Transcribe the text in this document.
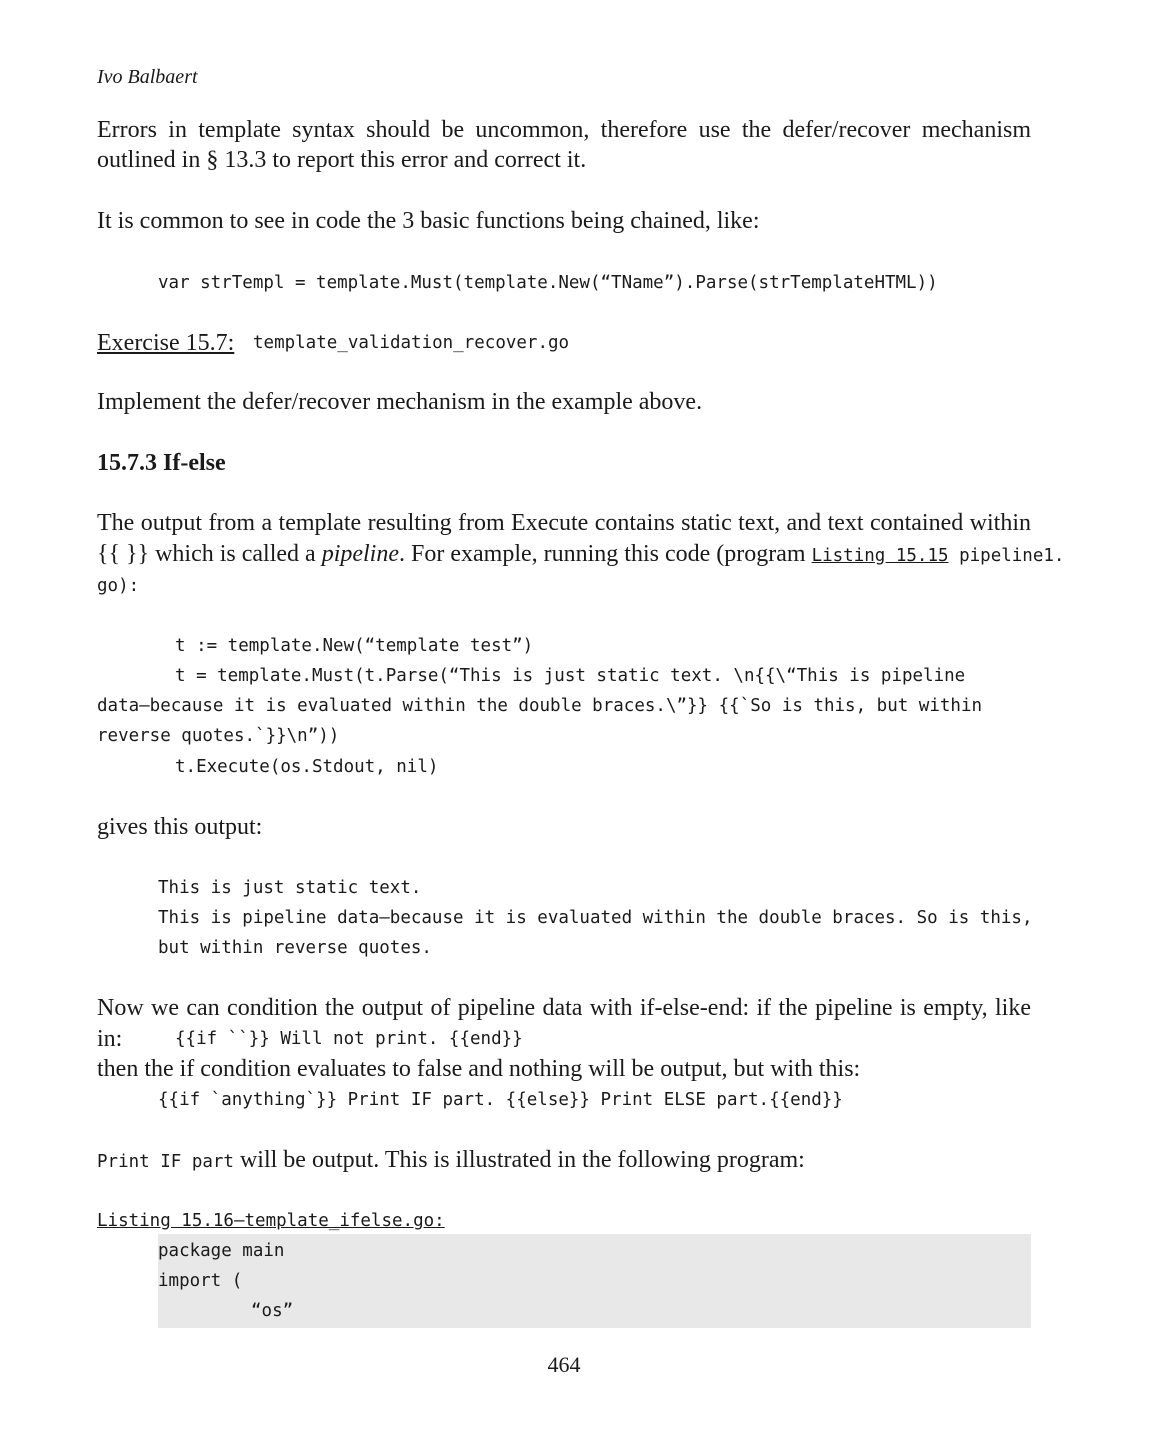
Ivo Balbaert
Errors in template syntax should be uncommon, therefore use the defer/recover mechanism
outlined in § 13.3 to report this error and correct it.
It is common to see in code the 3 basic functions being chained, like:
var strTempl = template.Must(template.New(“TName”).Parse(strTemplateHTML))
Exercise 15.7: template_validation_recover.go
Implement the defer/recover mechanism in the example above.
15.7.3 If-else
The output from a template resulting from Execute contains static text, and text contained within
{{ }} which is called a pipeline. For example, running this code (program Listing 15.15 pipeline1.
go):
t := template.New(“template test”)
t = template.Must(t.Parse(“This is just static text. \n{{\“This is pipeline
data—because it is evaluated within the double braces.\”}} {{`So is this, but within
reverse quotes.`}}\n”))
t.Execute(os.Stdout, nil)
gives this output:
This is just static text.
This is pipeline data—because it is evaluated within the double braces. So is this,
but within reverse quotes.
Now we can condition the output of pipeline data with if-else-end: if the pipeline is empty, like
in:	{{if ``}} Will not print. {{end}}
then the if condition evaluates to false and nothing will be output, but with this:
{{if `anything`}} Print IF part. {{else}} Print ELSE part.{{end}}
Print IF part will be output. This is illustrated in the following program:
Listing 15.16—template_ifelse.go:
package main
import (
“os”
464
